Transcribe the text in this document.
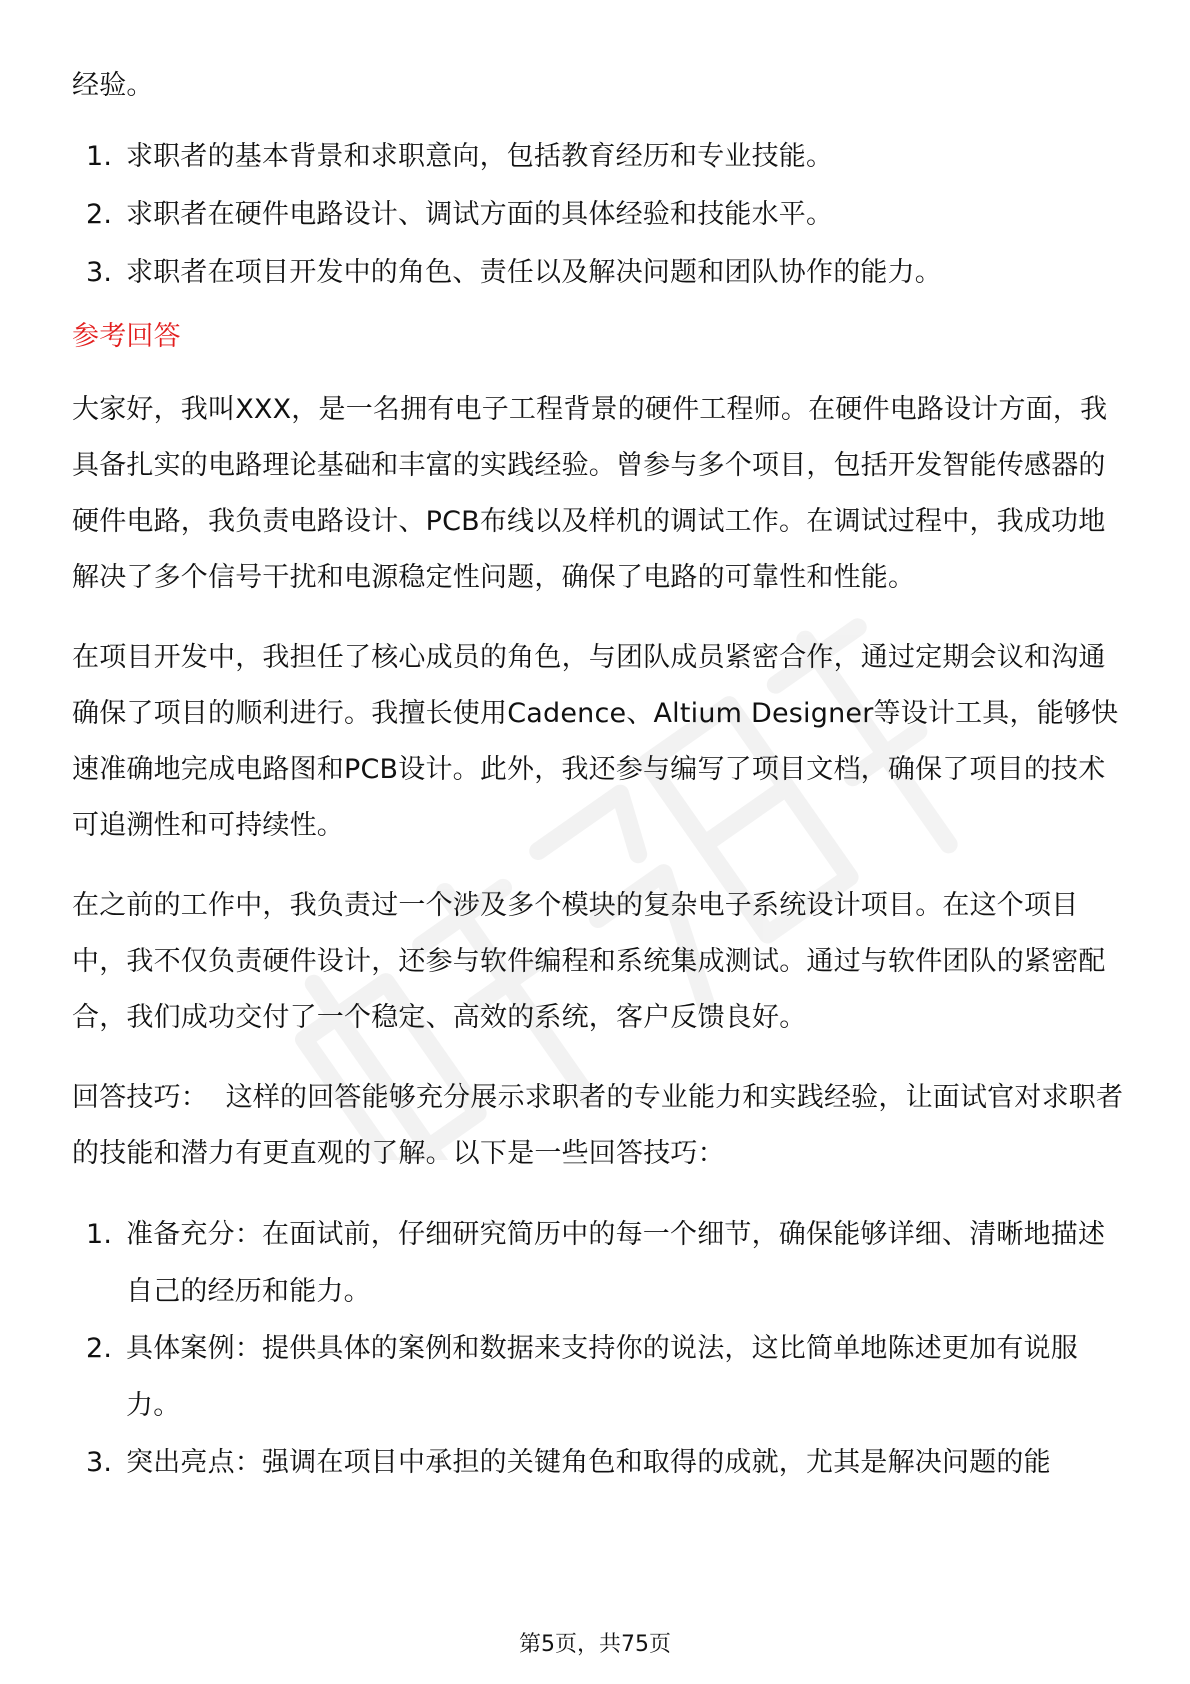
经验。

1. 求职者的基本背景和求职意向，包括教育经历和专业技能。
2. 求职者在硬件电路设计、调试方面的具体经验和技能水平。
3. 求职者在项目开发中的角色、责任以及解决问题和团队协作的能力。
参考回答

大家好，我叫XXX，是一名拥有电子工程背景的硬件工程师。在硬件电路设计方面，我具备扎实的电路理论基础和丰富的实践经验。曾参与多个项目，包括开发智能传感器的硬件电路，我负责电路设计、PCB布线以及样机的调试工作。在调试过程中，我成功地解决了多个信号干扰和电源稳定性问题，确保了电路的可靠性和性能。

在项目开发中，我担任了核心成员的角色，与团队成员紧密合作，通过定期会议和沟通确保了项目的顺利进行。我擅长使用Cadence、Altium Designer等设计工具，能够快速准确地完成电路图和PCB设计。此外，我还参与编写了项目文档，确保了项目的技术可追溯性和可持续性。

在之前的工作中，我负责过一个涉及多个模块的复杂电子系统设计项目。在这个项目中，我不仅负责硬件设计，还参与软件编程和系统集成测试。通过与软件团队的紧密配合，我们成功交付了一个稳定、高效的系统，客户反馈良好。

回答技巧：  这样的回答能够充分展示求职者的专业能力和实践经验，让面试官对求职者的技能和潜力有更直观的了解。以下是一些回答技巧：

1. 准备充分：在面试前，仔细研究简历中的每一个细节，确保能够详细、清晰地描述自己的经历和能力。
2. 具体案例：提供具体的案例和数据来支持你的说法，这比简单地陈述更加有说服力。
3. 突出亮点：强调在项目中承担的关键角色和取得的成就，尤其是解决问题的能
第5页，共75页
